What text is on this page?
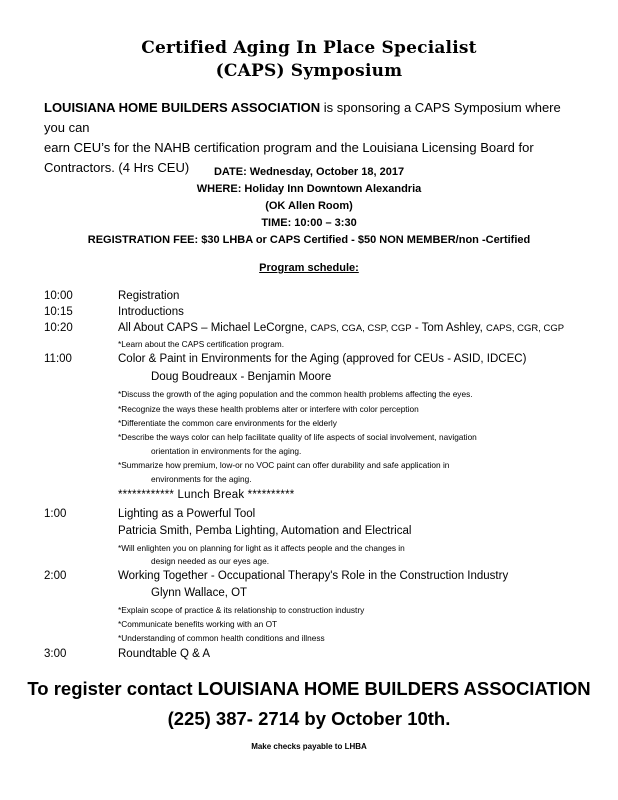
Certified Aging In Place Specialist
(CAPS) Symposium
LOUISIANA HOME BUILDERS ASSOCIATION is sponsoring a CAPS Symposium where you can
earn CEU’s for the NAHB certification program and the Louisiana Licensing Board for
Contractors. (4 Hrs CEU)	DATE: Wednesday, October 18, 2017
WHERE: Holiday Inn Downtown Alexandria
(OK Allen Room)
TIME: 10:00 – 3:30
REGISTRATION FEE: $30 LHBA or CAPS Certified - $50 NON MEMBER/non -Certified
Program schedule:
10:00	Registration
10:15	Introductions
10:20	All About CAPS – Michael LeCorgne, CAPS, CGA, CSP, CGP - Tom Ashley, CAPS, CGR, CGP
*Learn about the CAPS certification program.
11:00	Color & Paint in Environments for the Aging (approved for CEUs - ASID, IDCEC)
Doug Boudreaux - Benjamin Moore
*Discuss the growth of the aging population and the common health problems affecting the eyes.
*Recognize the ways these health problems alter or interfere with color perception
*Differentiate the common care environments for the elderly
*Describe the ways color can help facilitate quality of life aspects of social involvement, navigation
orientation in environments for the aging.
*Summarize how premium, low-or no VOC paint can offer durability and safe application in
environments for the aging.
************ Lunch Break **********
1:00	Lighting as a Powerful Tool
Patricia Smith, Pemba Lighting, Automation and Electrical
*Will enlighten you on planning for light as it affects people and the changes in
design needed as our eyes age.
2:00	Working Together - Occupational Therapy's Role in the Construction Industry
Glynn Wallace, OT
*Explain scope of practice & its relationship to construction industry
*Communicate benefits working with an OT
*Understanding of common health conditions and illness
3:00	Roundtable Q & A
To register contact LOUISIANA HOME BUILDERS ASSOCIATION
(225) 387- 2714 by October 10th.
Make checks payable to LHBA
